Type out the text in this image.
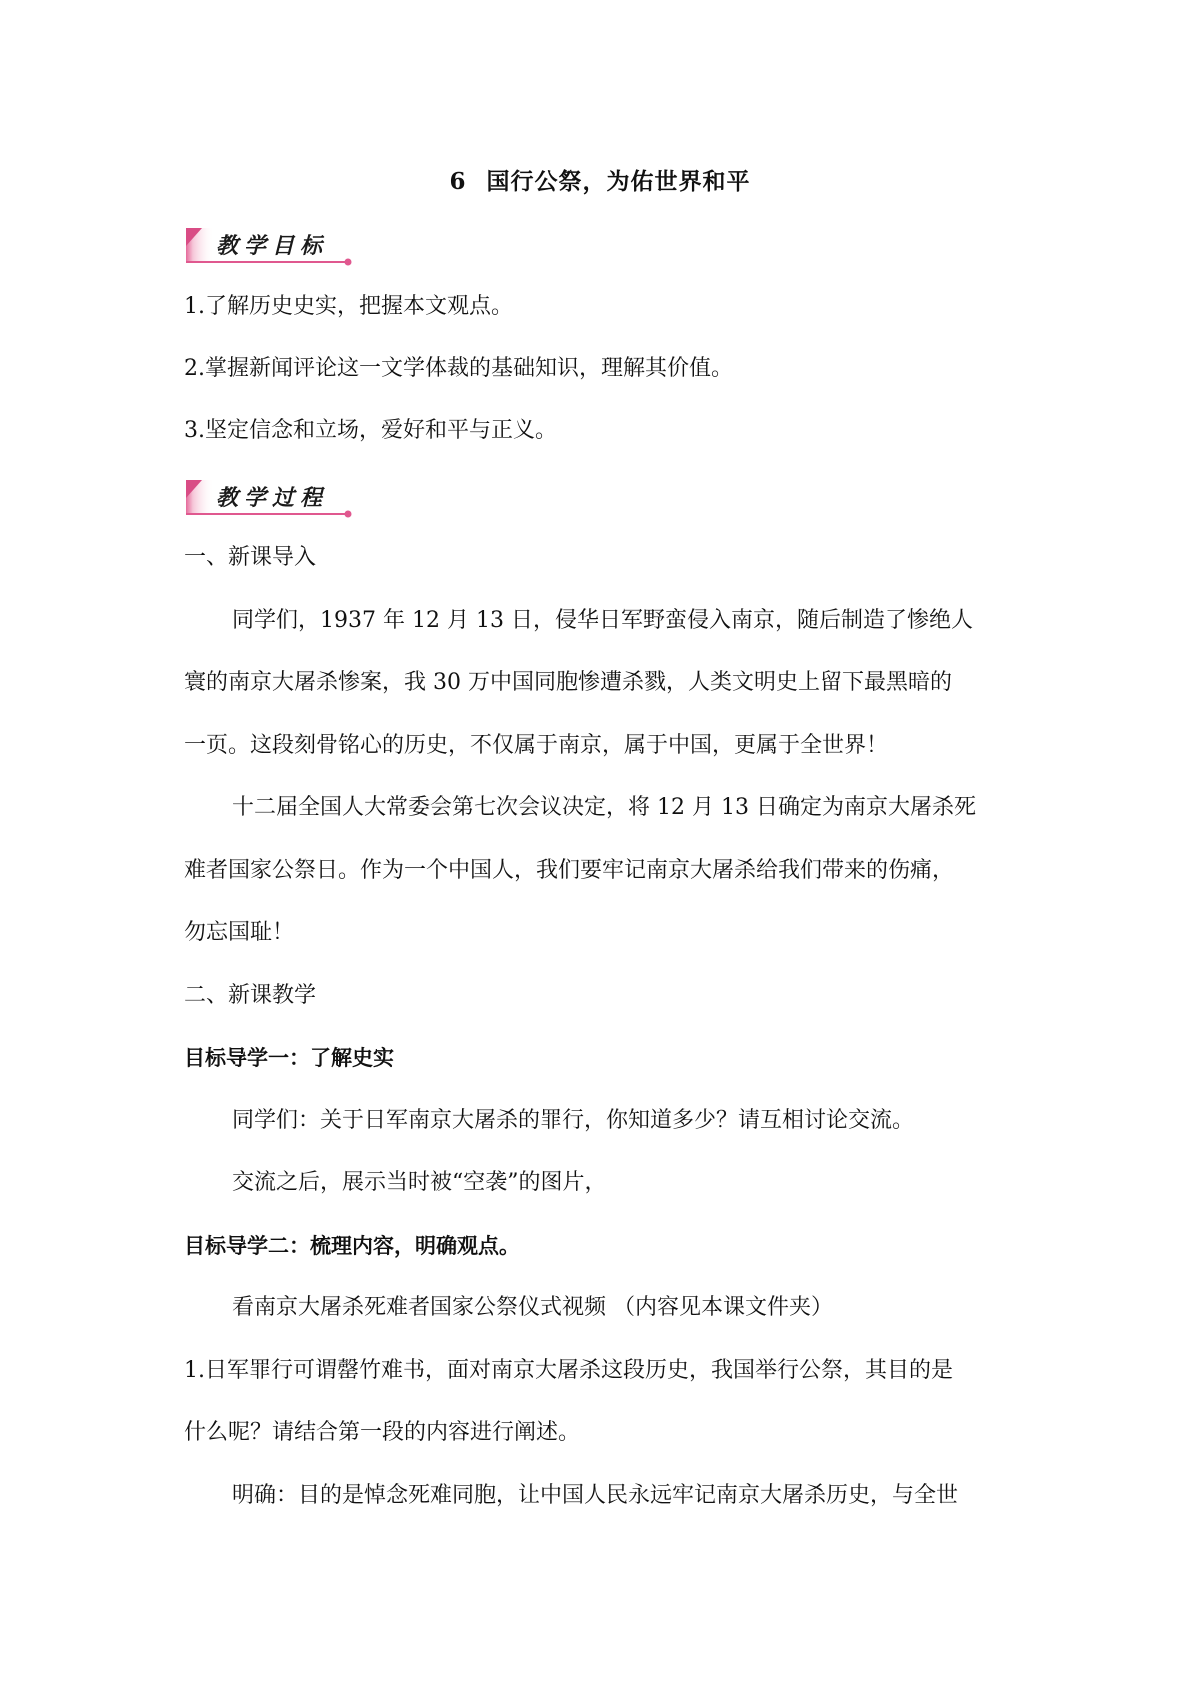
6 国行公祭，为佑世界和平
教学目标
1.了解历史史实，把握本文观点。
2.掌握新闻评论这一文学体裁的基础知识，理解其价值。
3.坚定信念和立场，爱好和平与正义。
教学过程
一、新课导入
同学们，1937 年 12 月 13 日，侵华日军野蛮侵入南京，随后制造了惨绝人
寰的南京大屠杀惨案，我 30 万中国同胞惨遭杀戮，人类文明史上留下最黑暗的
一页。这段刻骨铭心的历史，不仅属于南京，属于中国，更属于全世界！
十二届全国人大常委会第七次会议决定，将 12 月 13 日确定为南京大屠杀死
难者国家公祭日。作为一个中国人，我们要牢记南京大屠杀给我们带来的伤痛，
勿忘国耻！
二、新课教学
目标导学一：了解史实
同学们：关于日军南京大屠杀的罪行，你知道多少？请互相讨论交流。
交流之后，展示当时被“空袭”的图片，
目标导学二：梳理内容，明确观点。
看南京大屠杀死难者国家公祭仪式视频 （内容见本课文件夹）
1.日军罪行可谓罄竹难书，面对南京大屠杀这段历史，我国举行公祭，其目的是
什么呢？请结合第一段的内容进行阐述。
明确：目的是悼念死难同胞，让中国人民永远牢记南京大屠杀历史，与全世
